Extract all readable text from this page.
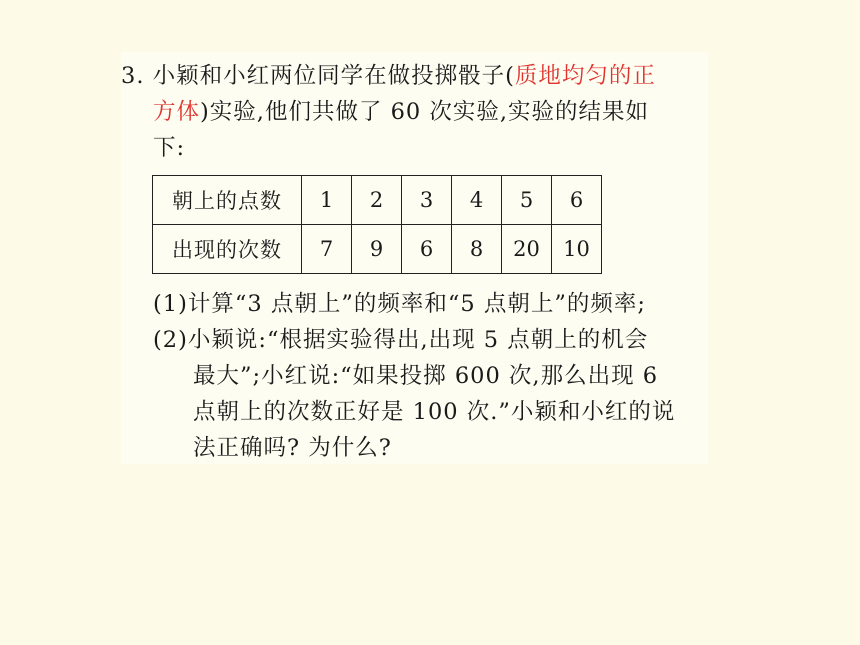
3. 小颖和小红两位同学在做投掷骰子(质地均匀的正
方体)实验,他们共做了 60 次实验,实验的结果如
下:
朝上的点数	1	2	3	4	5	6
出现的次数	7	9	6	8	20	10
(1)计算“3 点朝上”的频率和“5 点朝上”的频率;
(2)小颖说:“根据实验得出,出现 5 点朝上的机会
最大”;小红说:“如果投掷 600 次,那么出现 6
点朝上的次数正好是 100 次.”小颖和小红的说
法正确吗? 为什么?
